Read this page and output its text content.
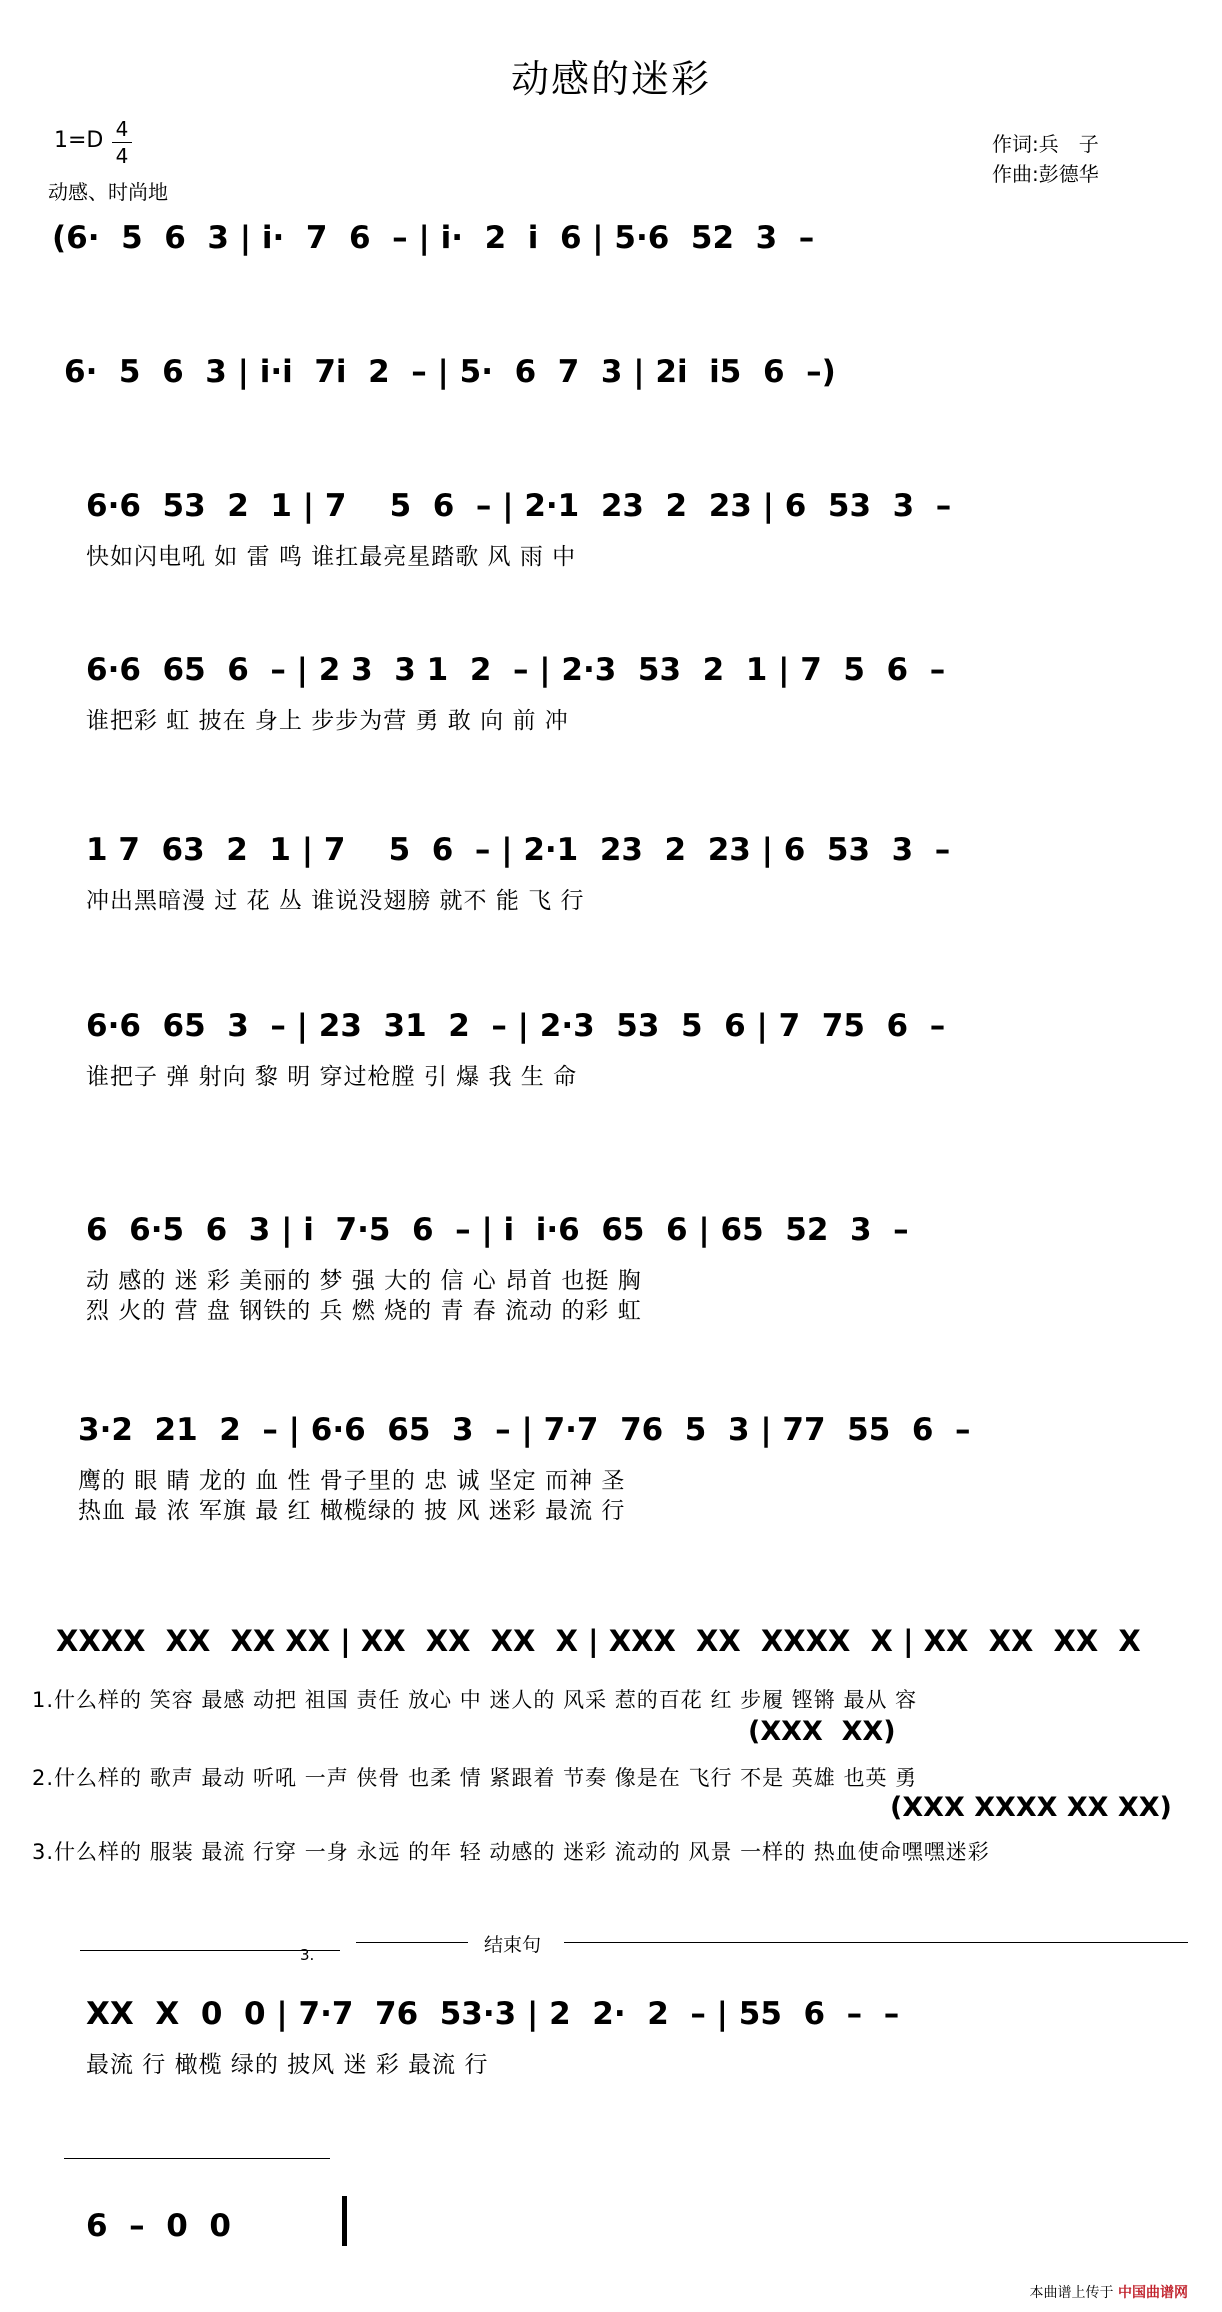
动感的迷彩
1=D 4
4
动感、时尚地
作词:兵　子
作曲:彭德华
(6·  5  6  3 | i·  7  6  – | i·  2  i  6 | 5·6  52  3  –
6·  5  6  3 | i·i  7i  2  – | 5·  6  7  3 | 2i  i5  6  –)
6·6  53  2  1 | 7    5  6  – | 2·1  23  2  23 | 6  53  3  –
快如闪电吼 如 雷 鸣 谁扛最亮星踏歌 风 雨 中
6·6  65  6  – | 2 3  3 1  2  – | 2·3  53  2  1 | 7  5  6  –
谁把彩 虹 披在 身上 步步为营 勇 敢 向 前 冲
1 7  63  2  1 | 7    5  6  – | 2·1  23  2  23 | 6  53  3  –
冲出黑暗漫 过 花 丛 谁说没翅膀 就不 能 飞 行
6·6  65  3  – | 23  31  2  – | 2·3  53  5  6 | 7  75  6  –
谁把子 弹 射向 黎 明 穿过枪膛 引 爆 我 生 命
6  6·5  6  3 | i  7·5  6  – | i  i·6  65  6 | 65  52  3  –
动 感的 迷 彩 美丽的 梦 强 大的 信 心 昂首 也挺 胸
烈 火的 营 盘 钢铁的 兵 燃 烧的 青 春 流动 的彩 虹
3·2  21  2  – | 6·6  65  3  – | 7·7  76  5  3 | 77  55  6  –
鹰的 眼 睛 龙的 血 性 骨子里的 忠 诚 坚定 而神 圣
热血 最 浓 军旗 最 红 橄榄绿的 披 风 迷彩 最流 行
XXXX  XX  XX XX | XX  XX  XX  X | XXX  XX  XXXX  X | XX  XX  XX  X
1.什么样的 笑容 最感 动把 祖国 责任 放心 中 迷人的 风采 惹的百花 红 步履 铿锵 最从 容
(XXX  XX)
2.什么样的 歌声 最动 听吼 一声 侠骨 也柔 情 紧跟着 节奏 像是在 飞行 不是 英雄 也英 勇
(XXX XXXX XX XX)
3.什么样的 服装 最流 行穿 一身 永远 的年 轻 动感的 迷彩 流动的 风景 一样的 热血使命嘿嘿迷彩
3.	结束句
XX  X  0  0 | 7·7  76  53·3 | 2  2·  2  – | 55  6  –  –
最流 行 橄榄 绿的 披风 迷 彩 最流 行
6  –  0  0
本曲谱上传于 中国曲谱网
